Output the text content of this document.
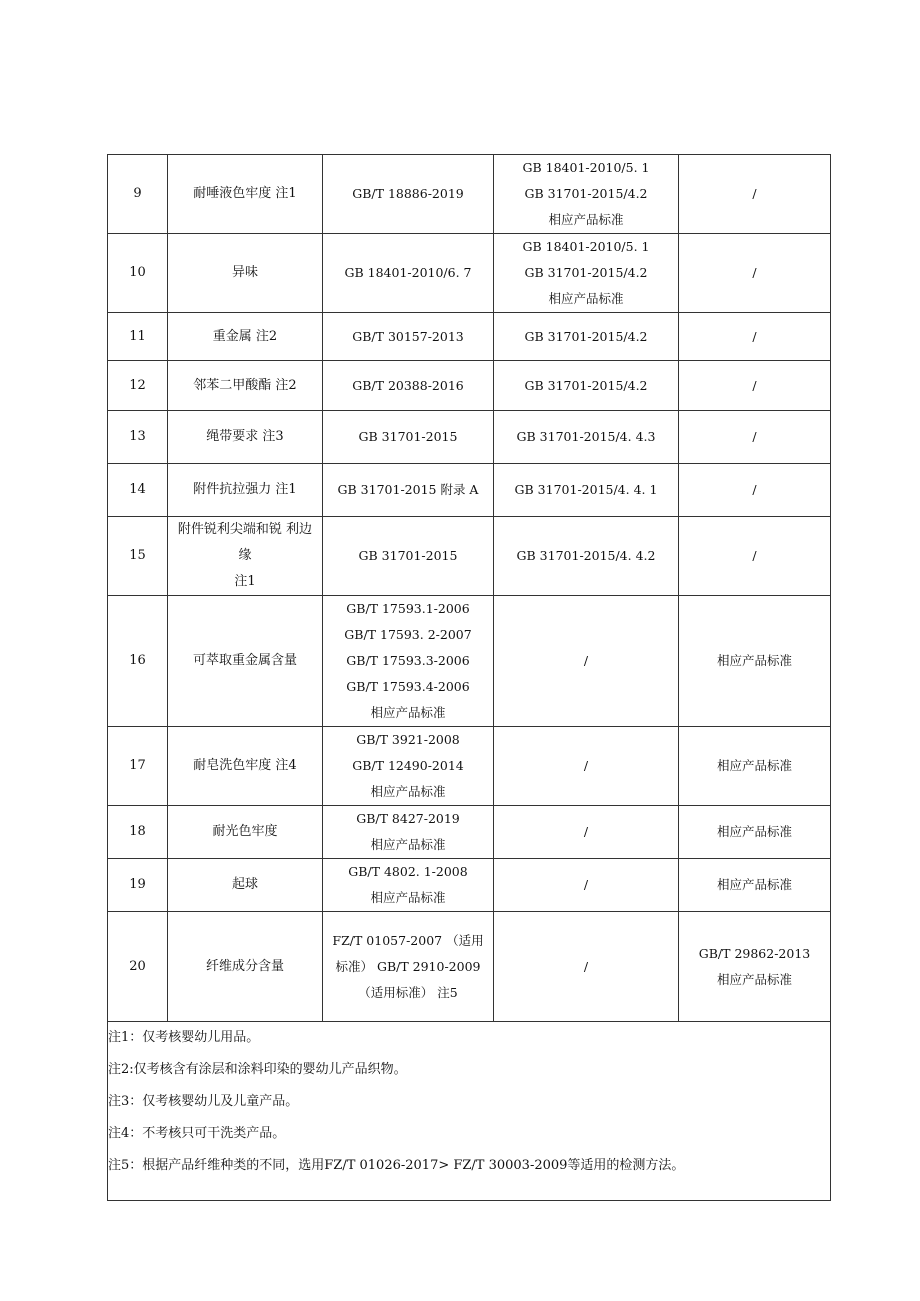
9	耐唾液色牢度 注1	GB/T 18886-2019	GB 18401-2010/5. 1
GB 31701-2015/4.2
相应产品标准	/

10	异味	GB 18401-2010/6. 7	GB 18401-2010/5. 1
GB 31701-2015/4.2
相应产品标准	/

11	重金属 注2	GB/T 30157-2013	GB 31701-2015/4.2	/

12	邻苯二甲酸酯 注2	GB/T 20388-2016	GB 31701-2015/4.2	/

13	绳带要求 注3	GB 31701-2015	GB 31701-2015/4. 4.3	/

14	附件抗拉强力 注1	GB 31701-2015 附录 A	GB 31701-2015/4. 4. 1	/

15	附件锐利尖端和锐 利边缘
注1	GB 31701-2015	GB 31701-2015/4. 4.2	/

16	可萃取重金属含量	GB/T 17593.1-2006
GB/T 17593. 2-2007
GB/T 17593.3-2006
GB/T 17593.4-2006
相应产品标准	/	相应产品标准

17	耐皂洗色牢度 注4	GB/T 3921-2008
GB/T 12490-2014
相应产品标准	/	相应产品标准

18	耐光色牢度	GB/T 8427-2019
相应产品标准	/	相应产品标准

19	起球	GB/T 4802. 1-2008
相应产品标准	/	相应产品标准

20	纤维成分含量	FZ/T 01057-2007 （适用标准） GB/T 2910-2009 （适用标准） 注5	/	GB/T 29862-2013
相应产品标准

注1：仅考核婴幼儿用品。
注2:仅考核含有涂层和涂料印染的婴幼儿产品织物。
注3：仅考核婴幼儿及儿童产品。
注4：不考核只可干洗类产品。
注5：根据产品纤维种类的不同，选用FZ/T 01026-2017> FZ/T 30003-2009等适用的检测方法。				
